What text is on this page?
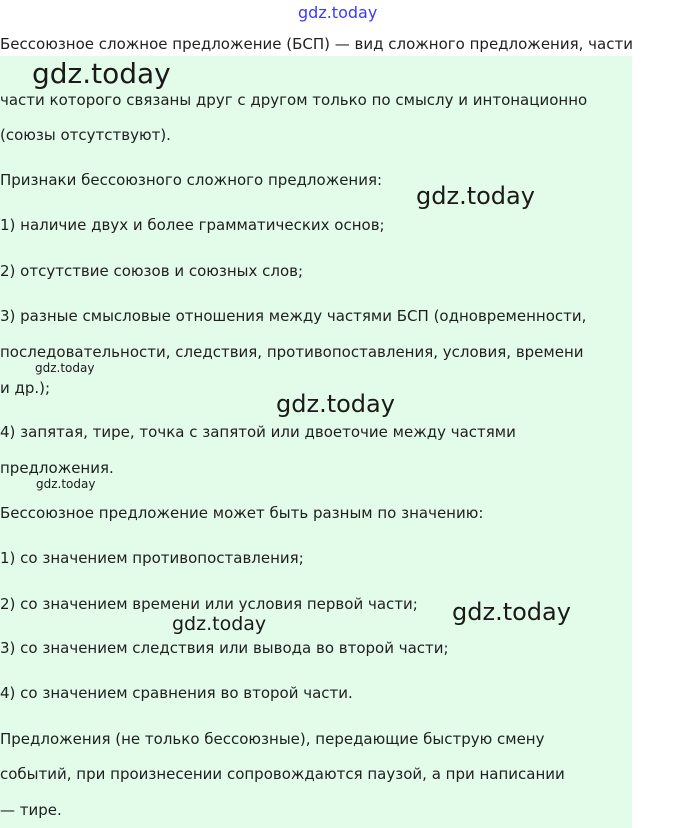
Бессоюзное сложное предложение (БСП) — вид сложного предложения, части
части которого связаны друг с другом только по смыслу и интонационно
(союзы отсутствуют).
Признаки бессоюзного сложного предложения:
1) наличие двух и более грамматических основ;
2) отсутствие союзов и союзных слов;
3) разные смысловые отношения между частями БСП (одновременности,
последовательности, следствия, противопоставления, условия, времени
и др.);
4) запятая, тире, точка с запятой или двоеточие между частями
предложения.
Бессоюзное предложение может быть разным по значению:
1) со значением противопоставления;
2) со значением времени или условия первой части;
3) со значением следствия или вывода во второй части;
4) со значением сравнения во второй части.
Предложения (не только бессоюзные), передающие быструю смену
событий, при произнесении сопровождаются паузой, а при написании
— тире.
gdz.today
gdz.today
gdz.today
gdz.today
gdz.today
gdz.today
gdz.today
gdz.today
